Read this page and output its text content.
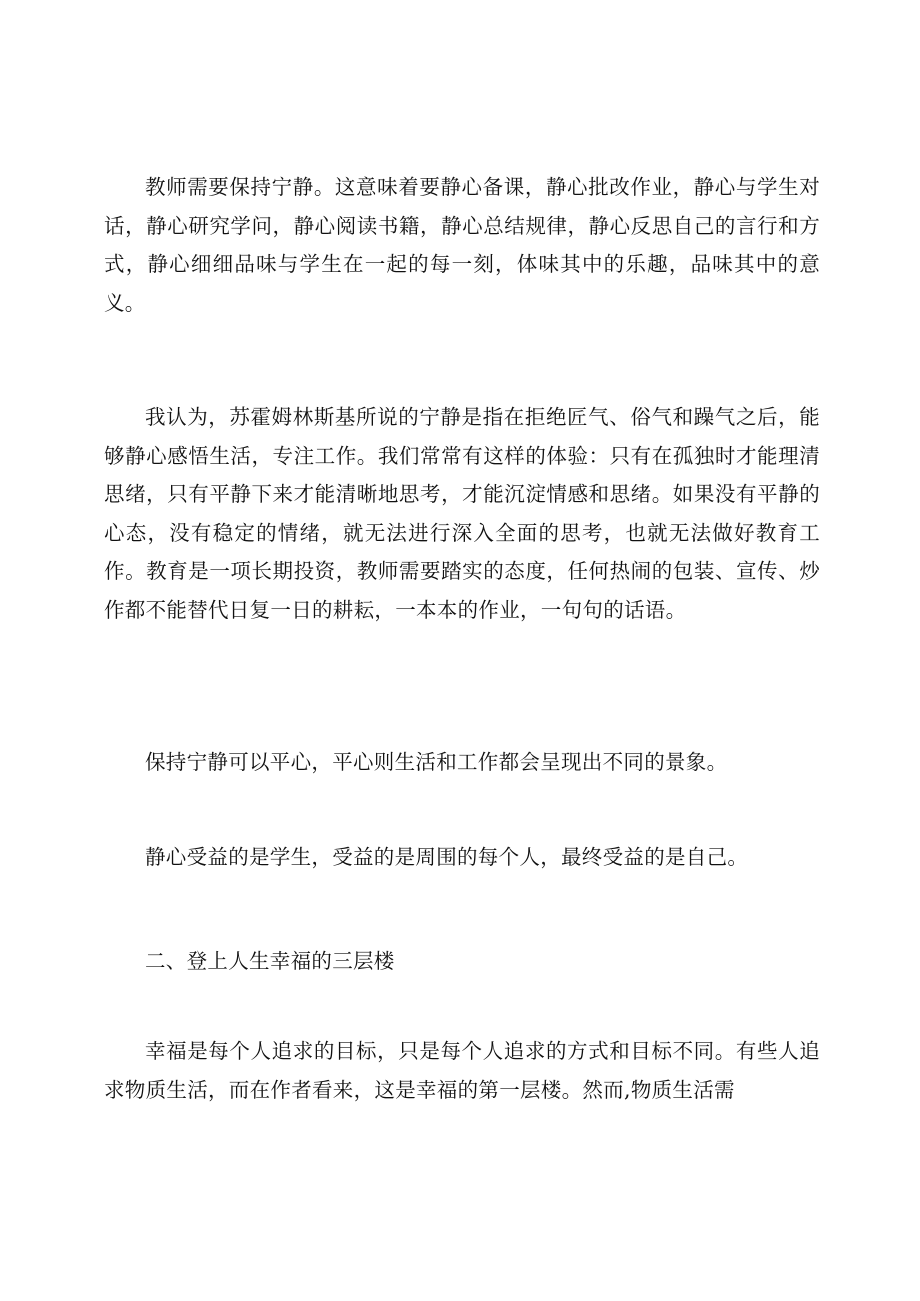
教师需要保持宁静。这意味着要静心备课，静心批改作业，静心与学生对话，静心研究学问，静心阅读书籍，静心总结规律，静心反思自己的言行和方式，静心细细品味与学生在一起的每一刻，体味其中的乐趣，品味其中的意义。

我认为，苏霍姆林斯基所说的宁静是指在拒绝匠气、俗气和躁气之后，能够静心感悟生活，专注工作。我们常常有这样的体验：只有在孤独时才能理清思绪，只有平静下来才能清晰地思考，才能沉淀情感和思绪。如果没有平静的心态，没有稳定的情绪，就无法进行深入全面的思考，也就无法做好教育工作。教育是一项长期投资，教师需要踏实的态度，任何热闹的包装、宣传、炒作都不能替代日复一日的耕耘，一本本的作业，一句句的话语。

保持宁静可以平心，平心则生活和工作都会呈现出不同的景象。

静心受益的是学生，受益的是周围的每个人，最终受益的是自己。

二、登上人生幸福的三层楼

幸福是每个人追求的目标，只是每个人追求的方式和目标不同。有些人追求物质生活，而在作者看来，这是幸福的第一层楼。然而,物质生活需
